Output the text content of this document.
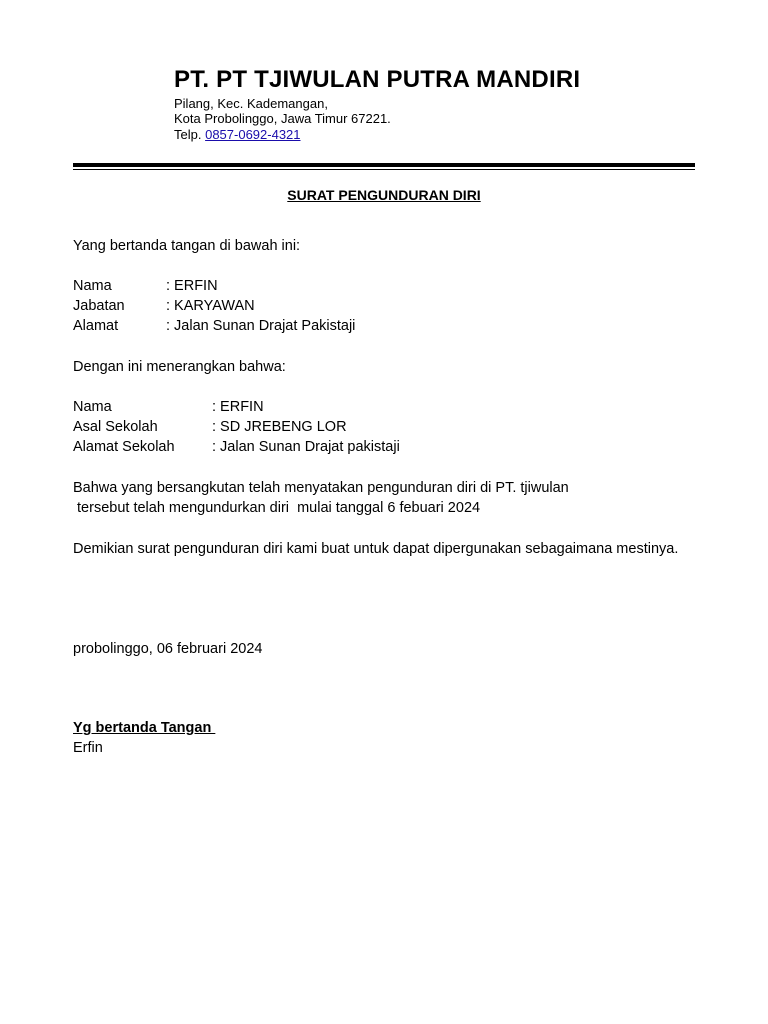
PT. PT TJIWULAN PUTRA MANDIRI
Pilang, Kec. Kademangan,
Kota Probolinggo, Jawa Timur 67221.
Telp. 0857-0692-4321
SURAT PENGUNDURAN DIRI
Yang bertanda tangan di bawah ini:
Nama	: ERFIN
Jabatan	: KARYAWAN
Alamat	: Jalan Sunan Drajat Pakistaji
Dengan ini menerangkan bahwa:
Nama	: ERFIN
Asal Sekolah	: SD JREBENG LOR
Alamat Sekolah	: Jalan Sunan Drajat pakistaji
Bahwa yang bersangkutan telah menyatakan pengunduran diri di PT. tjiwulan
tersebut telah mengundurkan diri  mulai tanggal 6 febuari 2024
Demikian surat pengunduran diri kami buat untuk dapat dipergunakan sebagaimana mestinya.
probolinggo, 06 februari 2024
Yg bertanda Tangan
Erfin
